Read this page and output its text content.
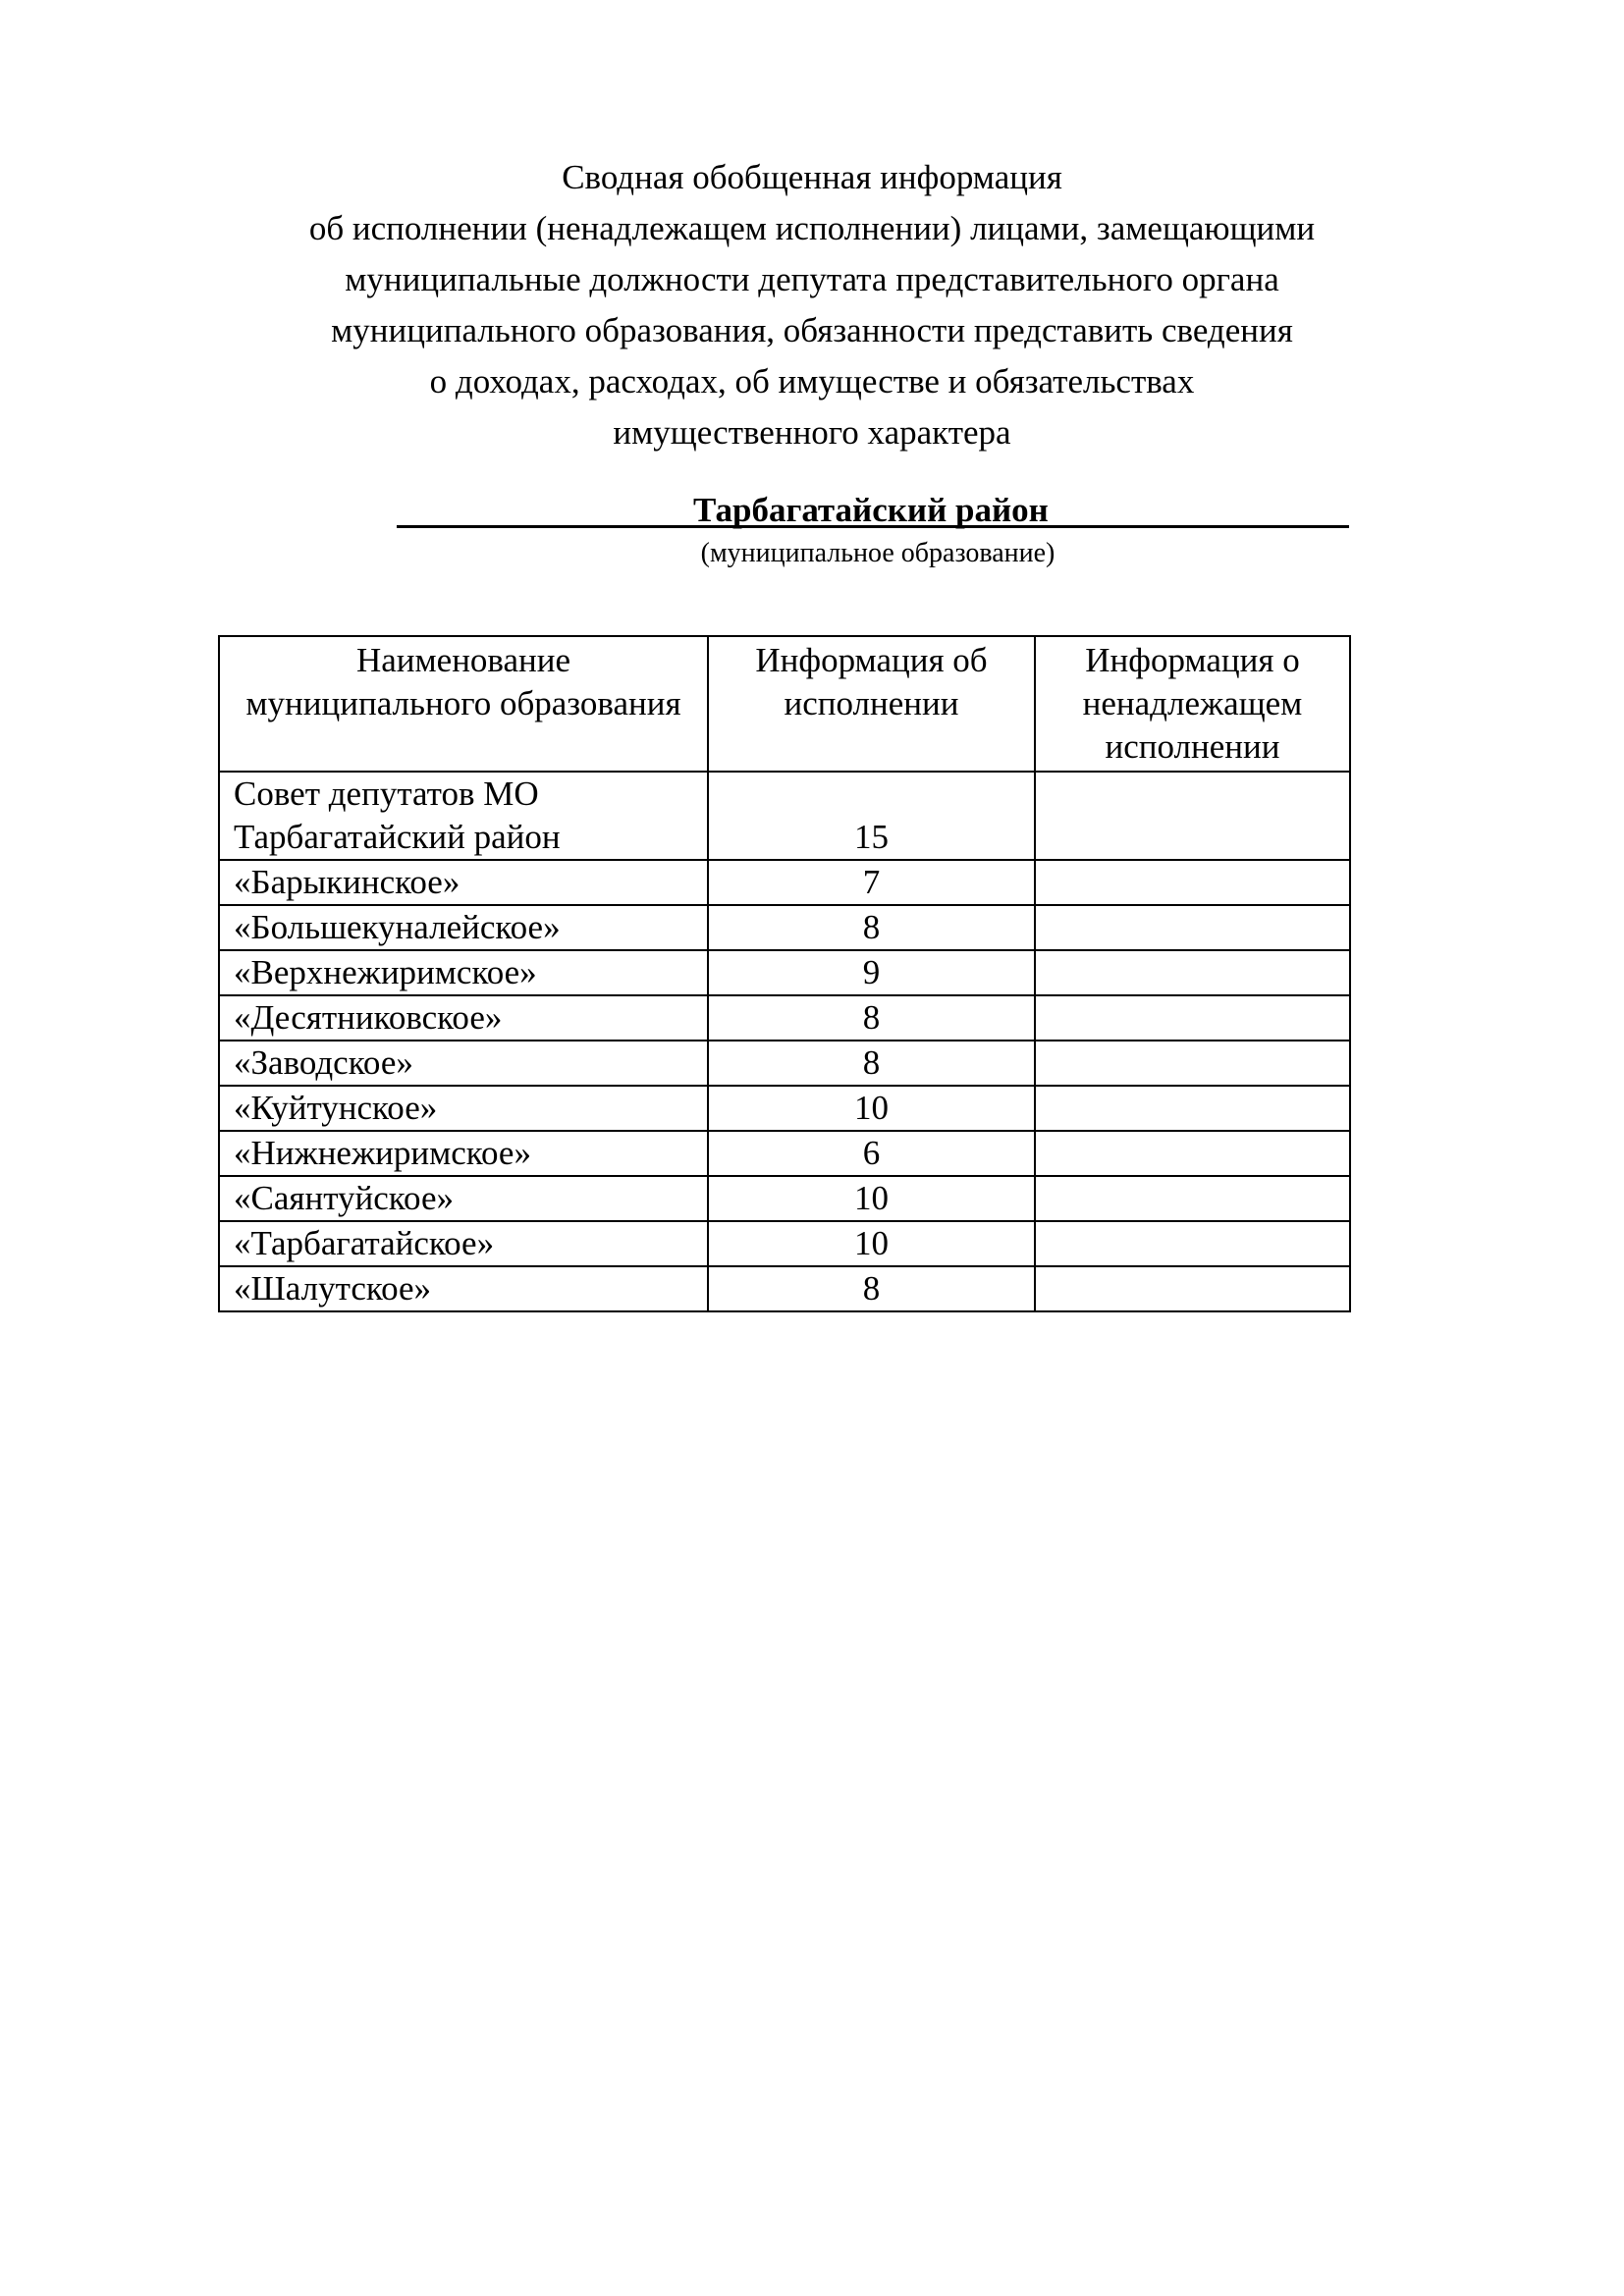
Сводная обобщенная информация
об исполнении (ненадлежащем исполнении) лицами, замещающими
муниципальные должности депутата представительного органа
муниципального образования, обязанности представить сведения
о доходах, расходах, об имуществе и обязательствах
имущественного характера
Тарбагатайский район
(муниципальное образование)
Наименование муниципального образования	Информация об исполнении	Информация о ненадлежащем исполнении
Совет депутатов МО Тарбагатайский район	15	
«Барыкинское»	7	
«Большекуналейское»	8	
«Верхнежиримское»	9	
«Десятниковское»	8	
«Заводское»	8	
«Куйтунское»	10	
«Нижнежиримское»	6	
«Саянтуйское»	10	
«Тарбагатайское»	10	
«Шалутское»	8	
